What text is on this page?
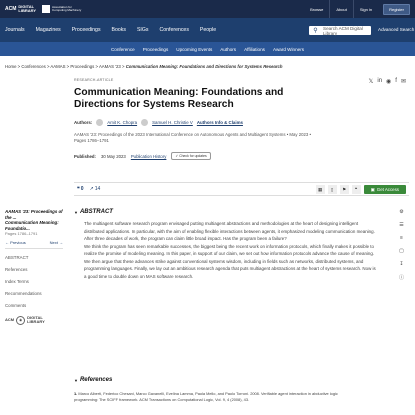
ACM DIGITAL
LIBRARY
Association for
Computing Machinery	Browse	About	Sign in	Register
Journals Magazines Proceedings Books SIGs Conferences People	⚲	Search ACM Digital Library
Advanced Search
Conference Proceedings Upcoming Events Authors Affiliations Award Winners
Home > Conferences > AAMAS > Proceedings > AAMAS '23 > Communication Meaning: Foundations and Directions for Systems Research
RESEARCH-ARTICLE	𝕏 in ◉ f ✉
Communication Meaning: Foundations and Directions for Systems Research
Authors:	Amit K. Chopra	Samuel H. Christie V Authors Info & Claims
AAMAS '23: Proceedings of the 2023 International Conference on Autonomous Agents and Multiagent Systems • May 2023 • Pages 1786–1791
Published: 30 May 2023 Publication History	✓ Check for updates
❝ 0 ↗ 14	▦	▯	⚑	❝	▣ Get Access
AAMAS '23: Proceedings of the ...
Communication Meaning: Foundatio...
Pages 1786–1791
← Previous	Next →
ABSTRACT
References
Index Terms
Recommendations
Comments
ACM	◉
DIGITAL
LIBRARY
⚙
☰
≡
▢
↧
ⓘ
▼ ABSTRACT
The multiagent software research program envisaged putting multiagent abstractions and methodologies at the heart of designing intelligent distributed applications. In particular, with the aim of enabling flexible interactions between agents, it emphasized modeling communication meaning. After three decades of work, the program can claim little broad impact. Has the program been a failure?
We think the program has seen remarkable successes, the biggest being the recent work on information protocols, which finally makes it possible to realize the promise of modeling meaning. In this paper, in support of our claim, we set out how information protocols advance the cause of meaning. We then argue that these advances strike against conventional systems wisdom, including in fields such as networks, distributed systems, and programming languages. Finally, we lay out an ambitious research agenda that puts multiagent abstractions at the heart of systems research. Now is a good time to double down on MAS software research.
▼ References
1. Marco Alberti, Federico Chesani, Marco Gavanelli, Evelina Lamma, Paola Mello, and Paolo Torroni. 2008. Verifiable agent interaction in abductive logic programming: The SCIFF framework. ACM Transactions on Computational Logic, Vol. 9, 4 (2008), 43.
